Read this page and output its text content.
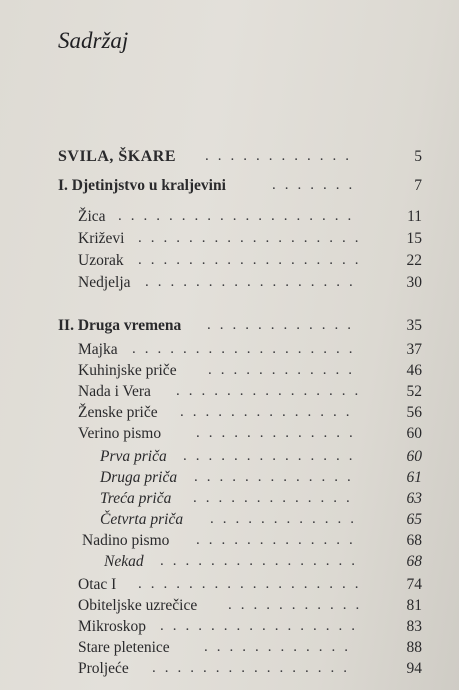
Sadržaj
SVILA, ŠKARE ............	5
I. Djetinjstvo u kraljevini	.......	7
Žica ...................	11
Križevi ..................	15
Uzorak ..................	22
Nedjelja .................	30
II. Druga vremena ............	35
Majka ..................	37
Kuhinjske priče ............	46
Nada i Vera ...............	52
Ženske priče ..............	56
Verino pismo .............	60
Prva priča ..............	60
Druga priča .............	61
Treća priča .............	63
Četvrta priča ............	65
Nadino pismo .............	68
Nekad ................	68
Otac I ..................	74
Obiteljske uzrečice ...........	81
Mikroskop ................	83
Stare pletenice ............	88
Proljeće ................	94
